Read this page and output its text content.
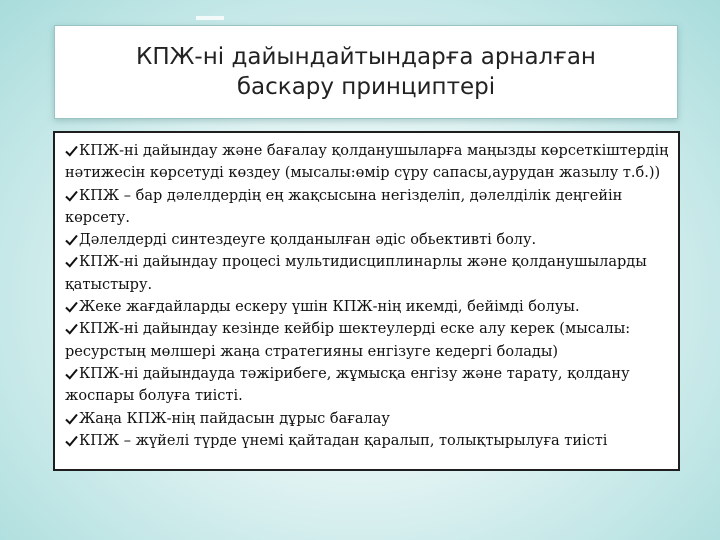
КПЖ-ні дайындайтындарға арналған баскару принциптері
КПЖ-ні дайындау және бағалау қолданушыларға маңызды көрсеткіштердің нәтижесін көрсетуді көздеу (мысалы:өмір сүру сапасы,аурудан жазылу т.б.))
КПЖ – бар дәлелдердің ең жақсысына негізделіп, дәлелділік деңгейін көрсету.
Дәлелдерді синтездеуге қолданылған әдіс обьективті болу.
КПЖ-ні дайындау процесі мультидисциплинарлы және қолданушыларды қатыстыру.
Жеке жағдайларды ескеру үшін КПЖ-нің икемді, бейімді болуы.
КПЖ-ні дайындау кезінде кейбір шектеулерді еске алу керек (мысалы: ресурстың мөлшері жаңа стратегияны енгізуге кедергі болады)
КПЖ-ні дайындауда тәжірибеге, жұмысқа енгізу және тарату, қолдану жоспары болуға тиісті.
Жаңа КПЖ-нің пайдасын дұрыс бағалау
КПЖ – жүйелі түрде үнемі қайтадан қаралып, толықтырылуға тиісті
